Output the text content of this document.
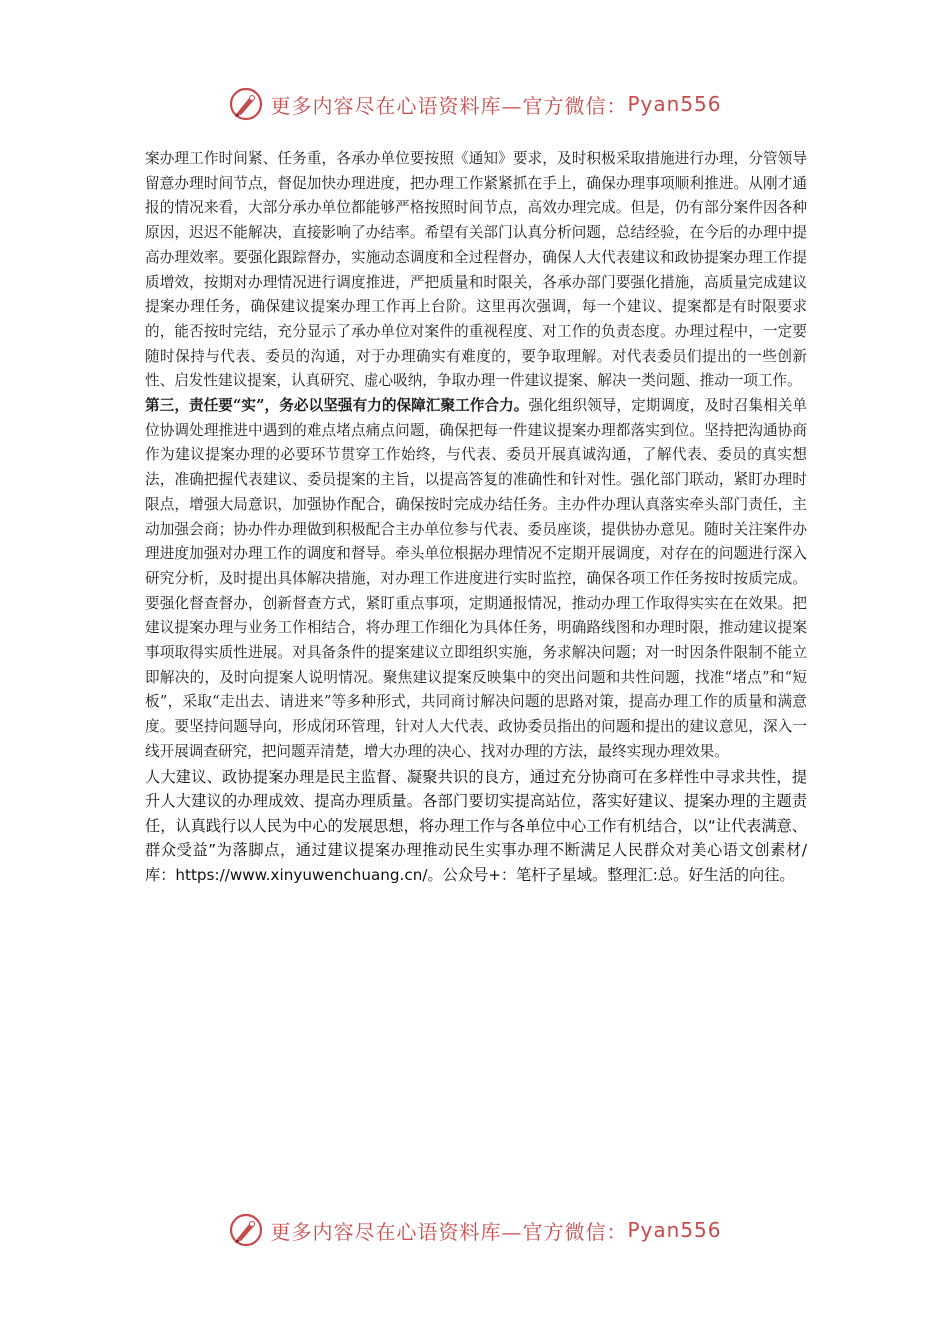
更多内容尽在心语资料库—官方微信： Pyan556

案办理工作时间紧、任务重，各承办单位要按照《通知》要求，及时积极采取措施进行办理，分管领导留意办理时间节点，督促加快办理进度，把办理工作紧紧抓在手上，确保办理事项顺利推进。从刚才通报的情况来看，大部分承办单位都能够严格按照时间节点，高效办理完成。但是，仍有部分案件因各种原因，迟迟不能解决，直接影响了办结率。希望有关部门认真分析问题，总结经验，在今后的办理中提高办理效率。要强化跟踪督办，实施动态调度和全过程督办，确保人大代表建议和政协提案办理工作提质增效，按期对办理情况进行调度推进，严把质量和时限关，各承办部门要强化措施，高质量完成建议提案办理任务，确保建议提案办理工作再上台阶。这里再次强调，每一个建议、提案都是有时限要求的，能否按时完结，充分显示了承办单位对案件的重视程度、对工作的负责态度。办理过程中，一定要随时保持与代表、委员的沟通，对于办理确实有难度的，要争取理解。对代表委员们提出的一些创新性、启发性建议提案，认真研究、虚心吸纳，争取办理一件建议提案、解决一类问题、推动一项工作。

第三，责任要“实”，务必以坚强有力的保障汇聚工作合力。强化组织领导，定期调度，及时召集相关单位协调处理推进中遇到的难点堵点痛点问题，确保把每一件建议提案办理都落实到位。坚持把沟通协商作为建议提案办理的必要环节贯穿工作始终，与代表、委员开展真诚沟通，了解代表、委员的真实想法，准确把握代表建议、委员提案的主旨，以提高答复的准确性和针对性。强化部门联动，紧盯办理时限点，增强大局意识，加强协作配合，确保按时完成办结任务。主办件办理认真落实牵头部门责任，主动加强会商；协办件办理做到积极配合主办单位参与代表、委员座谈，提供协办意见。随时关注案件办理进度加强对办理工作的调度和督导。牵头单位根据办理情况不定期开展调度，对存在的问题进行深入研究分析，及时提出具体解决措施，对办理工作进度进行实时监控，确保各项工作任务按时按质完成。要强化督查督办，创新督查方式，紧盯重点事项，定期通报情况，推动办理工作取得实实在在效果。把建议提案办理与业务工作相结合，将办理工作细化为具体任务，明确路线图和办理时限，推动建议提案事项取得实质性进展。对具备条件的提案建议立即组织实施，务求解决问题；对一时因条件限制不能立即解决的，及时向提案人说明情况。聚焦建议提案反映集中的突出问题和共性问题，找准“堵点”和“短板”，采取“走出去、请进来”等多种形式，共同商讨解决问题的思路对策，提高办理工作的质量和满意度。要坚持问题导向，形成闭环管理，针对人大代表、政协委员指出的问题和提出的建议意见，深入一线开展调查研究，把问题弄清楚，增大办理的决心、找对办理的方法，最终实现办理效果。

人大建议、政协提案办理是民主监督、凝聚共识的良方，通过充分协商可在多样性中寻求共性，提升人大建议的办理成效、提高办理质量。各部门要切实提高站位，落实好建议、提案办理的主题责任，认真践行以人民为中心的发展思想，将办理工作与各单位中心工作有机结合，以“让代表满意、群众受益”为落脚点，通过建议提案办理推动民生实事办理不断满足人民群众对美心语文创素材/库：https://www.xinyuwenchuang.cn/。公众号+：笔杆子星域。整理汇:总。好生活的向往。

更多内容尽在心语资料库—官方微信： Pyan556
